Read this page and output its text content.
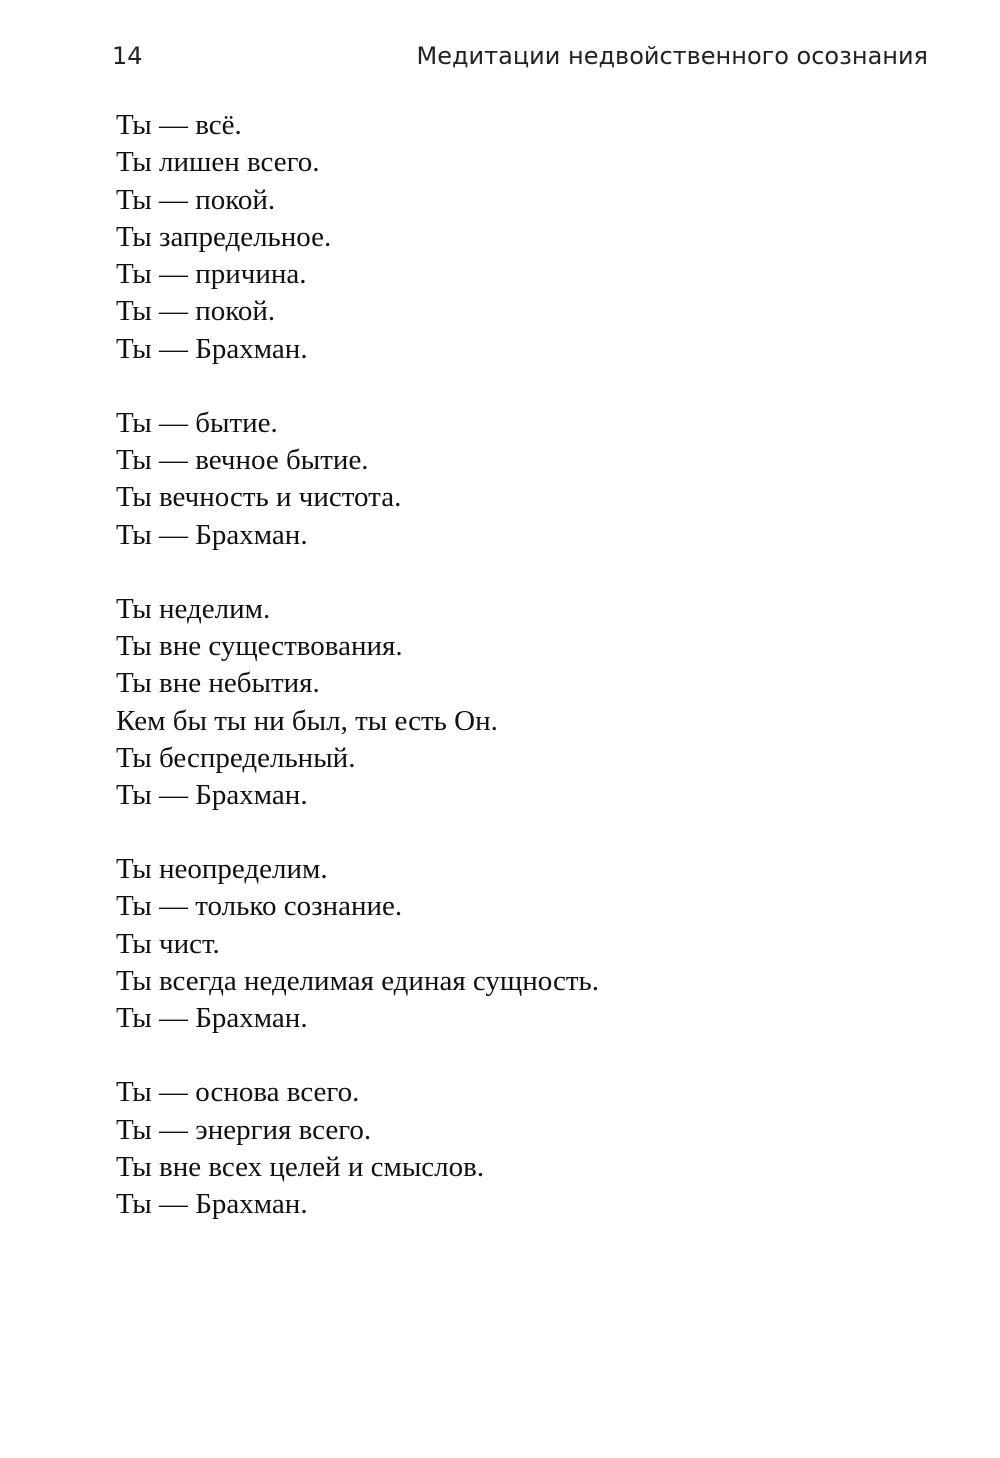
14	Медитации недвойственного осознания
Ты — всё.
Ты лишен всего.
Ты — покой.
Ты запредельное.
Ты — причина.
Ты — покой.
Ты — Брахман.
Ты — бытие.
Ты — вечное бытие.
Ты вечность и чистота.
Ты — Брахман.
Ты неделим.
Ты вне существования.
Ты вне небытия.
Кем бы ты ни был, ты есть Он.
Ты беспредельный.
Ты — Брахман.
Ты неопределим.
Ты — только сознание.
Ты чист.
Ты всегда неделимая единая сущность.
Ты — Брахман.
Ты — основа всего.
Ты — энергия всего.
Ты вне всех целей и смыслов.
Ты — Брахман.
